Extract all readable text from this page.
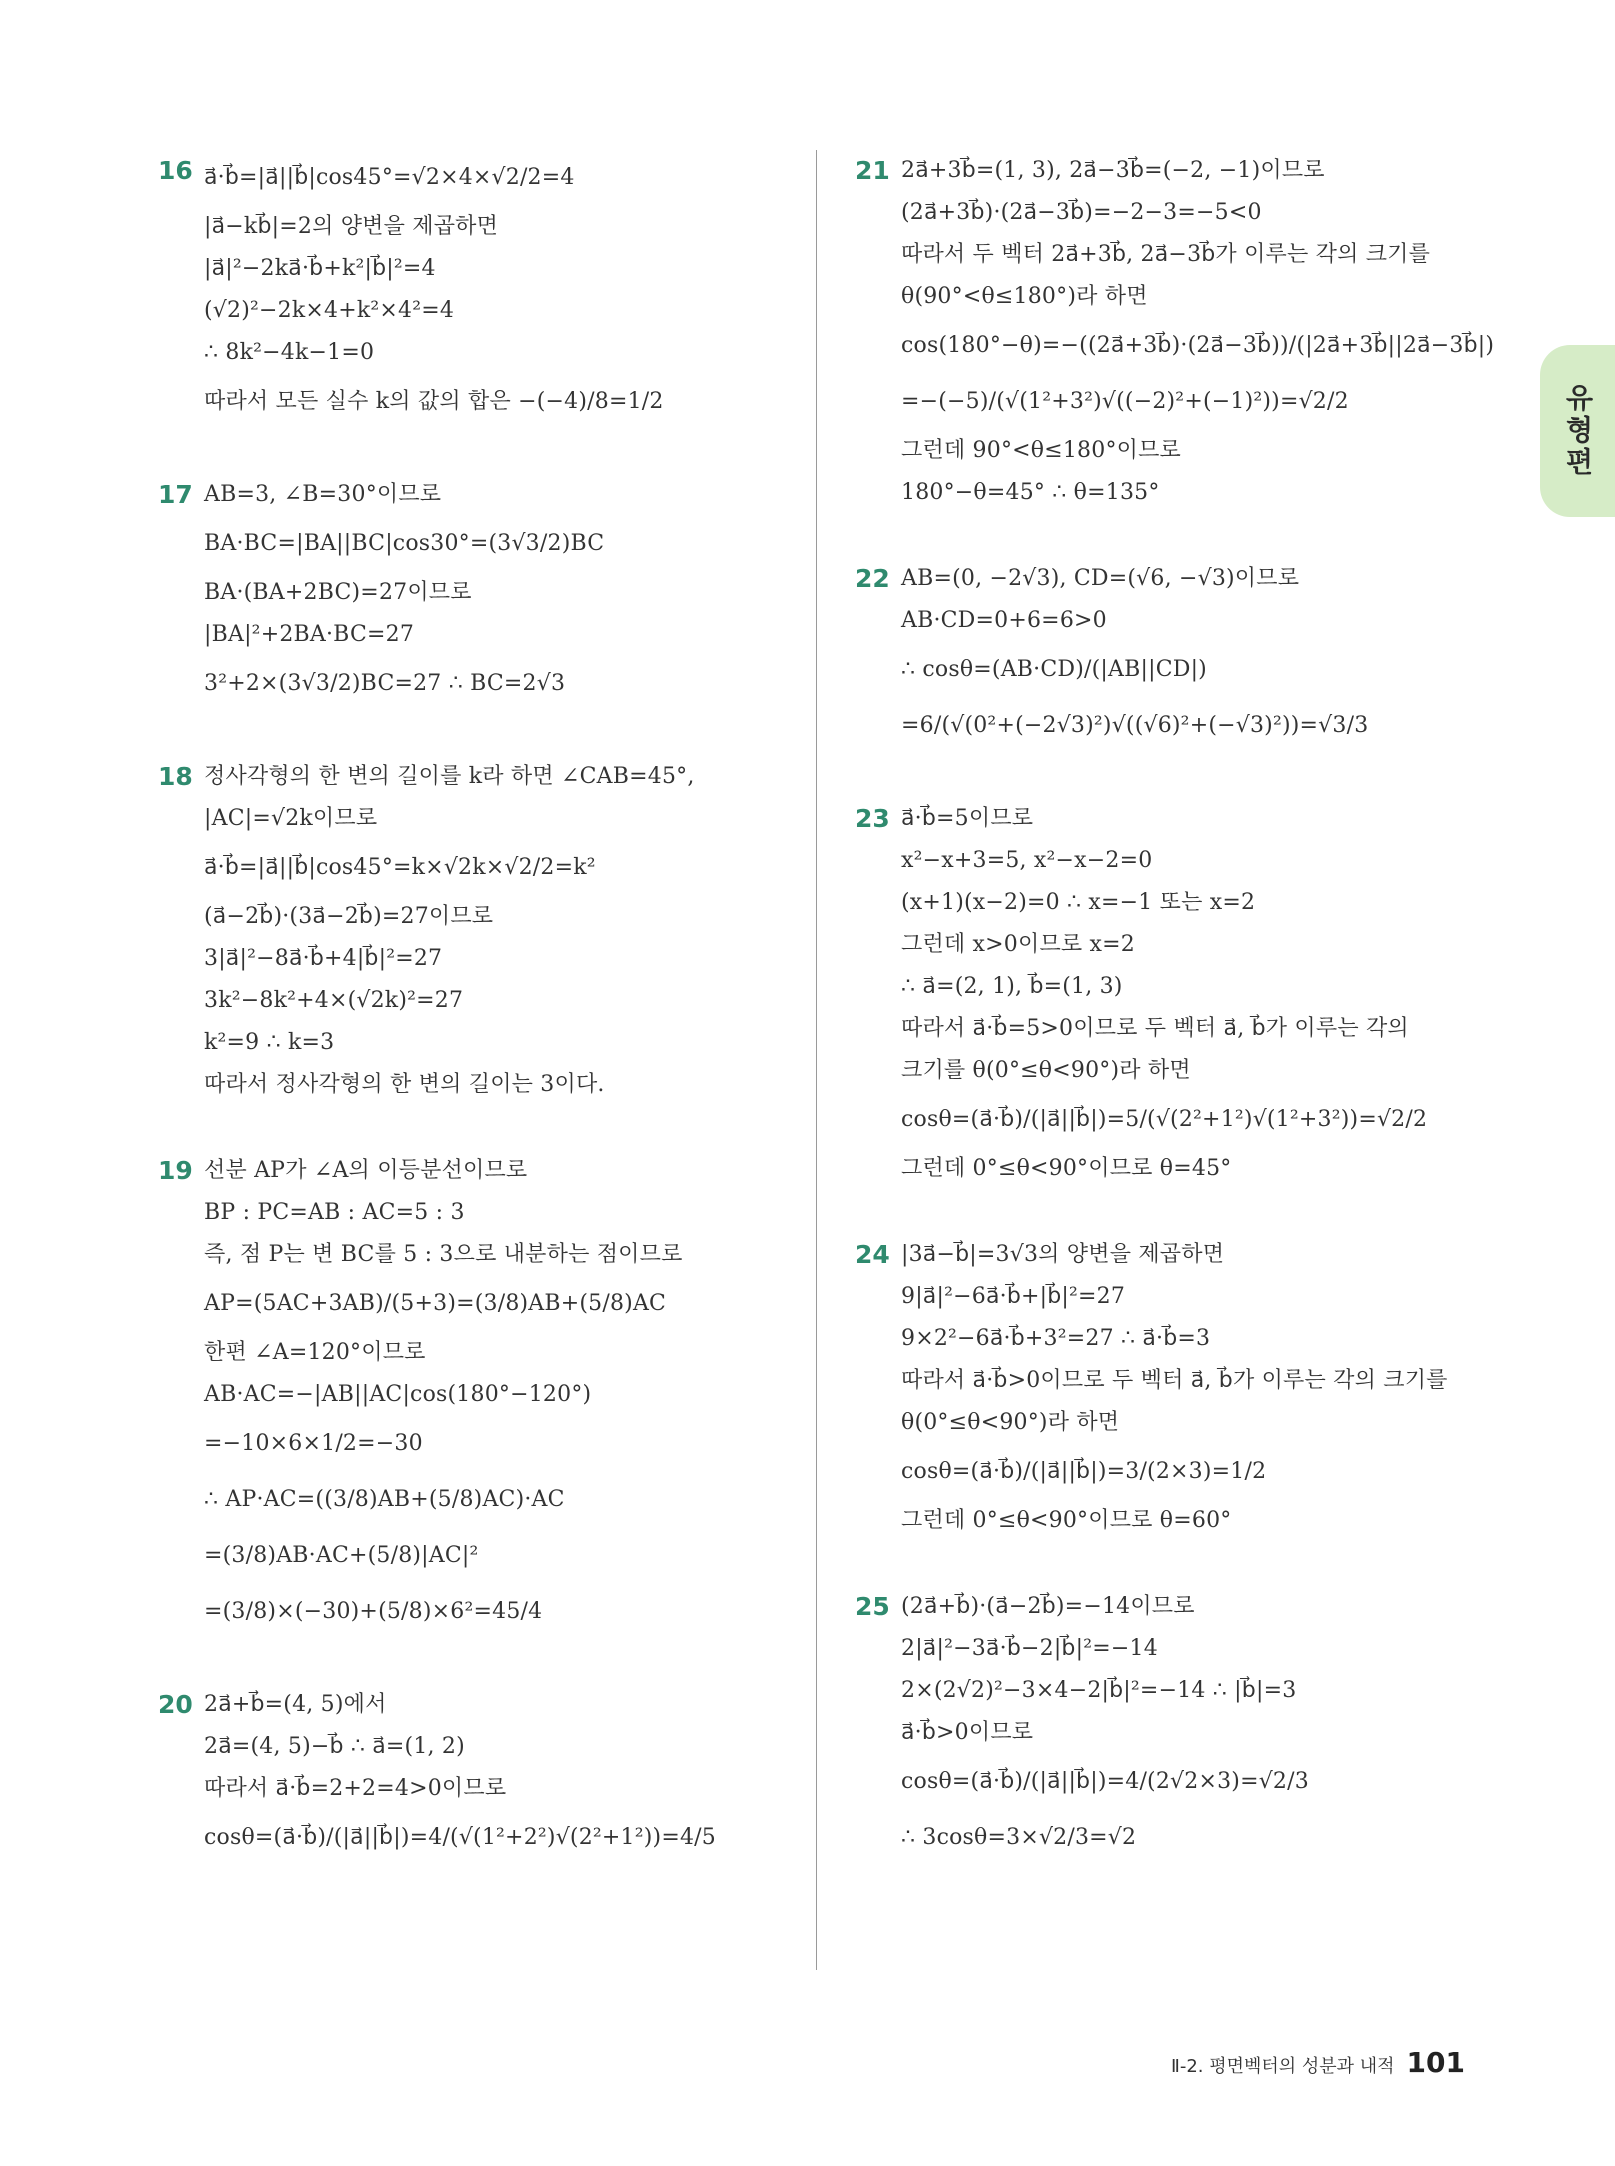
16 a⃗·b⃗=|a⃗||b⃗|cos45°=√2×4×√2/2=4
|a⃗−kb⃗|=2의 양변을 제곱하면
|a⃗|²−2ka⃗·b⃗+k²|b⃗|²=4
(√2)²−2k×4+k²×4²=4
∴ 8k²−4k−1=0
따라서 모든 실수 k의 값의 합은 −(−4)/8=1/2
17 AB=3, ∠B=30°이므로
BA·BC=|BA||BC|cos30°=(3√3/2)BC
BA·(BA+2BC)=27이므로
|BA|²+2BA·BC=27
3²+2×(3√3/2)BC=27 ∴ BC=2√3
18 정사각형의 한 변의 길이를 k라 하면 ∠CAB=45°,
|AC|=√2k이므로
a⃗·b⃗=|a⃗||b⃗|cos45°=k×√2k×√2/2=k²
(a⃗−2b⃗)·(3a⃗−2b⃗)=27이므로
3|a⃗|²−8a⃗·b⃗+4|b⃗|²=27
3k²−8k²+4×(√2k)²=27
k²=9 ∴ k=3
따라서 정사각형의 한 변의 길이는 3이다.
19 선분 AP가 ∠A의 이등분선이므로
BP : PC=AB : AC=5 : 3
즉, 점 P는 변 BC를 5 : 3으로 내분하는 점이므로
AP=(5AC+3AB)/(5+3)=(3/8)AB+(5/8)AC
한편 ∠A=120°이므로
AB·AC=−|AB||AC|cos(180°−120°)
=−10×6×1/2=−30
∴ AP·AC=((3/8)AB+(5/8)AC)·AC
=(3/8)AB·AC+(5/8)|AC|²
=(3/8)×(−30)+(5/8)×6²=45/4
20 2a⃗+b⃗=(4, 5)에서
2a⃗=(4, 5)−b⃗ ∴ a⃗=(1, 2)
따라서 a⃗·b⃗=2+2=4>0이므로
cosθ=(a⃗·b⃗)/(|a⃗||b⃗|)=4/(√(1²+2²)√(2²+1²))=4/5
21 2a⃗+3b⃗=(1, 3), 2a⃗−3b⃗=(−2, −1)이므로
(2a⃗+3b⃗)·(2a⃗−3b⃗)=−2−3=−5<0
따라서 두 벡터 2a⃗+3b⃗, 2a⃗−3b⃗가 이루는 각의 크기를
θ(90°<θ≤180°)라 하면
cos(180°−θ)=−((2a⃗+3b⃗)·(2a⃗−3b⃗))/(|2a⃗+3b⃗||2a⃗−3b⃗|)
=−(−5)/(√(1²+3²)√((−2)²+(−1)²))=√2/2
그런데 90°<θ≤180°이므로
180°−θ=45° ∴ θ=135°
22 AB=(0, −2√3), CD=(√6, −√3)이므로
AB·CD=0+6=6>0
∴ cosθ=(AB·CD)/(|AB||CD|)
=6/(√(0²+(−2√3)²)√((√6)²+(−√3)²))=√3/3
23 a⃗·b⃗=5이므로
x²−x+3=5, x²−x−2=0
(x+1)(x−2)=0 ∴ x=−1 또는 x=2
그런데 x>0이므로 x=2
∴ a⃗=(2, 1), b⃗=(1, 3)
따라서 a⃗·b⃗=5>0이므로 두 벡터 a⃗, b⃗가 이루는 각의
크기를 θ(0°≤θ<90°)라 하면
cosθ=(a⃗·b⃗)/(|a⃗||b⃗|)=5/(√(2²+1²)√(1²+3²))=√2/2
그런데 0°≤θ<90°이므로 θ=45°
24 |3a⃗−b⃗|=3√3의 양변을 제곱하면
9|a⃗|²−6a⃗·b⃗+|b⃗|²=27
9×2²−6a⃗·b⃗+3²=27 ∴ a⃗·b⃗=3
따라서 a⃗·b⃗>0이므로 두 벡터 a⃗, b⃗가 이루는 각의 크기를
θ(0°≤θ<90°)라 하면
cosθ=(a⃗·b⃗)/(|a⃗||b⃗|)=3/(2×3)=1/2
그런데 0°≤θ<90°이므로 θ=60°
25 (2a⃗+b⃗)·(a⃗−2b⃗)=−14이므로
2|a⃗|²−3a⃗·b⃗−2|b⃗|²=−14
2×(2√2)²−3×4−2|b⃗|²=−14 ∴ |b⃗|=3
a⃗·b⃗>0이므로
cosθ=(a⃗·b⃗)/(|a⃗||b⃗|)=4/(2√2×3)=√2/3
∴ 3cosθ=3×√2/3=√2
유형편
Ⅱ-2. 평면벡터의 성분과 내적 101
